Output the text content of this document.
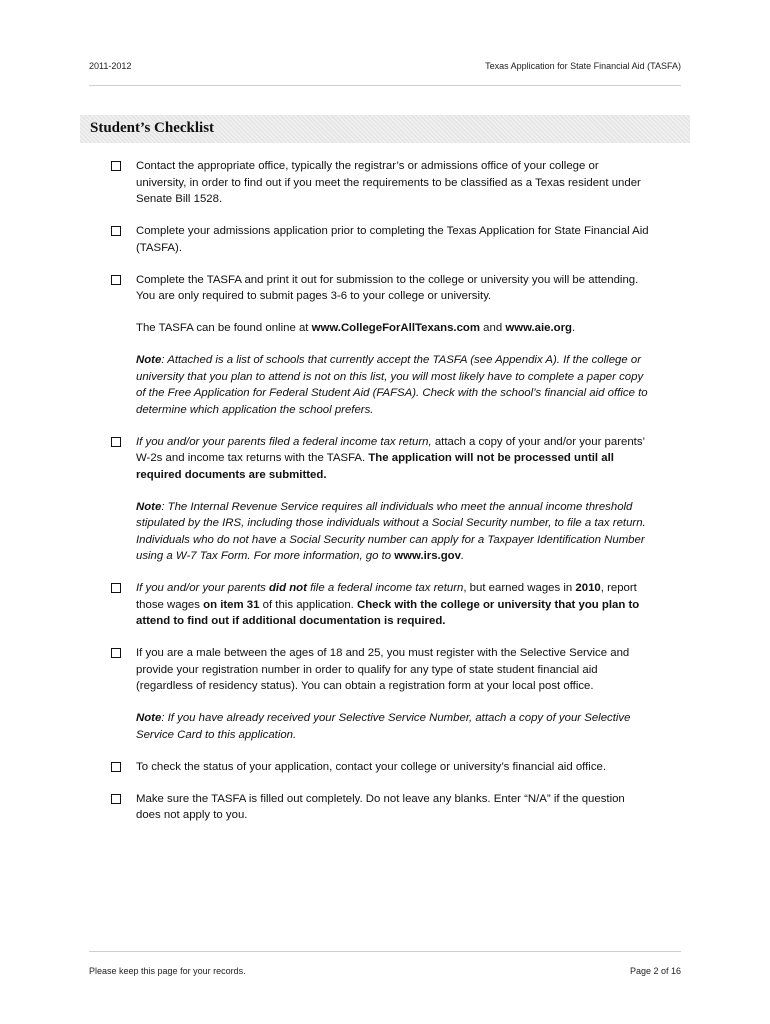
2011-2012	Texas Application for State Financial Aid (TASFA)
Student’s Checklist

Contact the appropriate office, typically the registrar’s or admissions office of your college or university, in order to find out if you meet the requirements to be classified as a Texas resident under Senate Bill 1528.

Complete your admissions application prior to completing the Texas Application for State Financial Aid (TASFA).

Complete the TASFA and print it out for submission to the college or university you will be attending. You are only required to submit pages 3-6 to your college or university.

The TASFA can be found online at www.CollegeForAllTexans.com and www.aie.org.

Note: Attached is a list of schools that currently accept the TASFA (see Appendix A). If the college or university that you plan to attend is not on this list, you will most likely have to complete a paper copy of the Free Application for Federal Student Aid (FAFSA). Check with the school’s financial aid office to determine which application the school prefers.

If you and/or your parents filed a federal income tax return, attach a copy of your and/or your parents’ W-2s and income tax returns with the TASFA. The application will not be processed until all required documents are submitted.

Note: The Internal Revenue Service requires all individuals who meet the annual income threshold stipulated by the IRS, including those individuals without a Social Security number, to file a tax return. Individuals who do not have a Social Security number can apply for a Taxpayer Identification Number using a W-7 Tax Form. For more information, go to www.irs.gov.

If you and/or your parents did not file a federal income tax return, but earned wages in 2010, report those wages on item 31 of this application. Check with the college or university that you plan to attend to find out if additional documentation is required.

If you are a male between the ages of 18 and 25, you must register with the Selective Service and provide your registration number in order to qualify for any type of state student financial aid (regardless of residency status). You can obtain a registration form at your local post office.

Note: If you have already received your Selective Service Number, attach a copy of your Selective Service Card to this application.

To check the status of your application, contact your college or university’s financial aid office.

Make sure the TASFA is filled out completely. Do not leave any blanks. Enter “N/A” if the question does not apply to you.

Please keep this page for your records.	Page 2 of 16
